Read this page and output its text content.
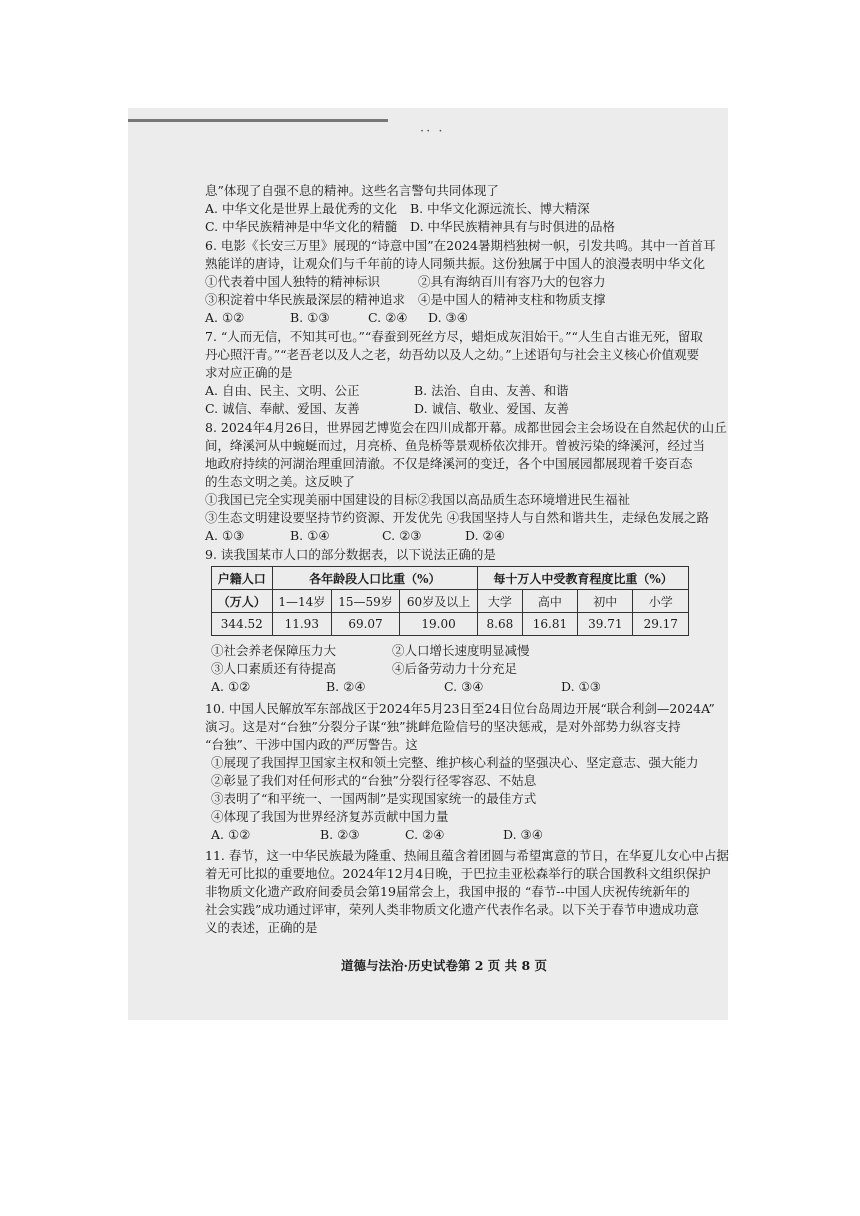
·· ·
息”体现了自强不息的精神。这些名言警句共同体现了
A. 中华文化是世界上最优秀的文化 B. 中华文化源远流长、博大精深
C. 中华民族精神是中华文化的精髓 D. 中华民族精神具有与时俱进的品格
6. 电影《长安三万里》展现的“诗意中国”在2024暑期档独树一帜，引发共鸣。其中一首首耳
熟能详的唐诗，让观众们与千年前的诗人同频共振。这份独属于中国人的浪漫表明中华文化
①代表着中国人独特的精神标识	②具有海纳百川有容乃大的包容力
③积淀着中华民族最深层的精神追求 ④是中国人的精神支柱和物质支撑
A. ①②	B. ①③	C. ②④ D. ③④
7. “人而无信，不知其可也。”“春蚕到死丝方尽，蜡炬成灰泪始干。”“人生自古谁无死，留取
丹心照汗青。”“老吾老以及人之老，幼吾幼以及人之幼。”上述语句与社会主义核心价值观要
求对应正确的是
A. 自由、民主、文明、公正	B. 法治、自由、友善、和谐
C. 诚信、奉献、爱国、友善	D. 诚信、敬业、爱国、友善
8. 2024年4月26日，世界园艺博览会在四川成都开幕。成都世园会主会场设在自然起伏的山丘
间，绛溪河从中蜿蜒而过，月亮桥、鱼凫桥等景观桥依次排开。曾被污染的绛溪河，经过当
地政府持续的河湖治理重回清澈。不仅是绛溪河的变迁，各个中国展园都展现着千姿百态
的生态文明之美。这反映了
①我国已完全实现美丽中国建设的目标②我国以高品质生态环境增进民生福祉
③生态文明建设要坚持节约资源、开发优先 ④我国坚持人与自然和谐共生，走绿色发展之路
A. ①③	B. ①④	C. ②③	D. ②④
9. 读我国某市人口的部分数据表，以下说法正确的是
户籍人口	各年龄段人口比重（%）			每十万人中受教育程度比重（%）			
（万人）	1—14岁	15—59岁	60岁及以上	大学	高中	初中	小学
344.52	11.93	69.07	19.00	8.68	16.81	39.71	29.17
①社会养老保障压力大	②人口增长速度明显减慢
③人口素质还有待提高	④后备劳动力十分充足
A. ①②	B. ②④	C. ③④	D. ①③
10. 中国人民解放军东部战区于2024年5月23日至24日位台岛周边开展“联合利剑—2024A”
演习。这是对“台独”分裂分子谋“独”挑衅危险信号的坚决惩戒，是对外部势力纵容支持
“台独”、干涉中国内政的严厉警告。这
①展现了我国捍卫国家主权和领土完整、维护核心利益的坚强决心、坚定意志、强大能力
②彰显了我们对任何形式的“台独”分裂行径零容忍、不姑息
③表明了“和平统一、一国两制”是实现国家统一的最佳方式
④体现了我国为世界经济复苏贡献中国力量
A. ①②	B. ②③	C. ②④	D. ③④
11. 春节，这一中华民族最为隆重、热闹且蕴含着团圆与希望寓意的节日，在华夏儿女心中占据
着无可比拟的重要地位。2024年12月4日晚，于巴拉圭亚松森举行的联合国教科文组织保护
非物质文化遗产政府间委员会第19届常会上，我国申报的 “春节--中国人庆祝传统新年的
社会实践”成功通过评审，荣列人类非物质文化遗产代表作名录。以下关于春节申遗成功意
义的表述，正确的是
道德与法治·历史试卷第 2 页 共 8 页
